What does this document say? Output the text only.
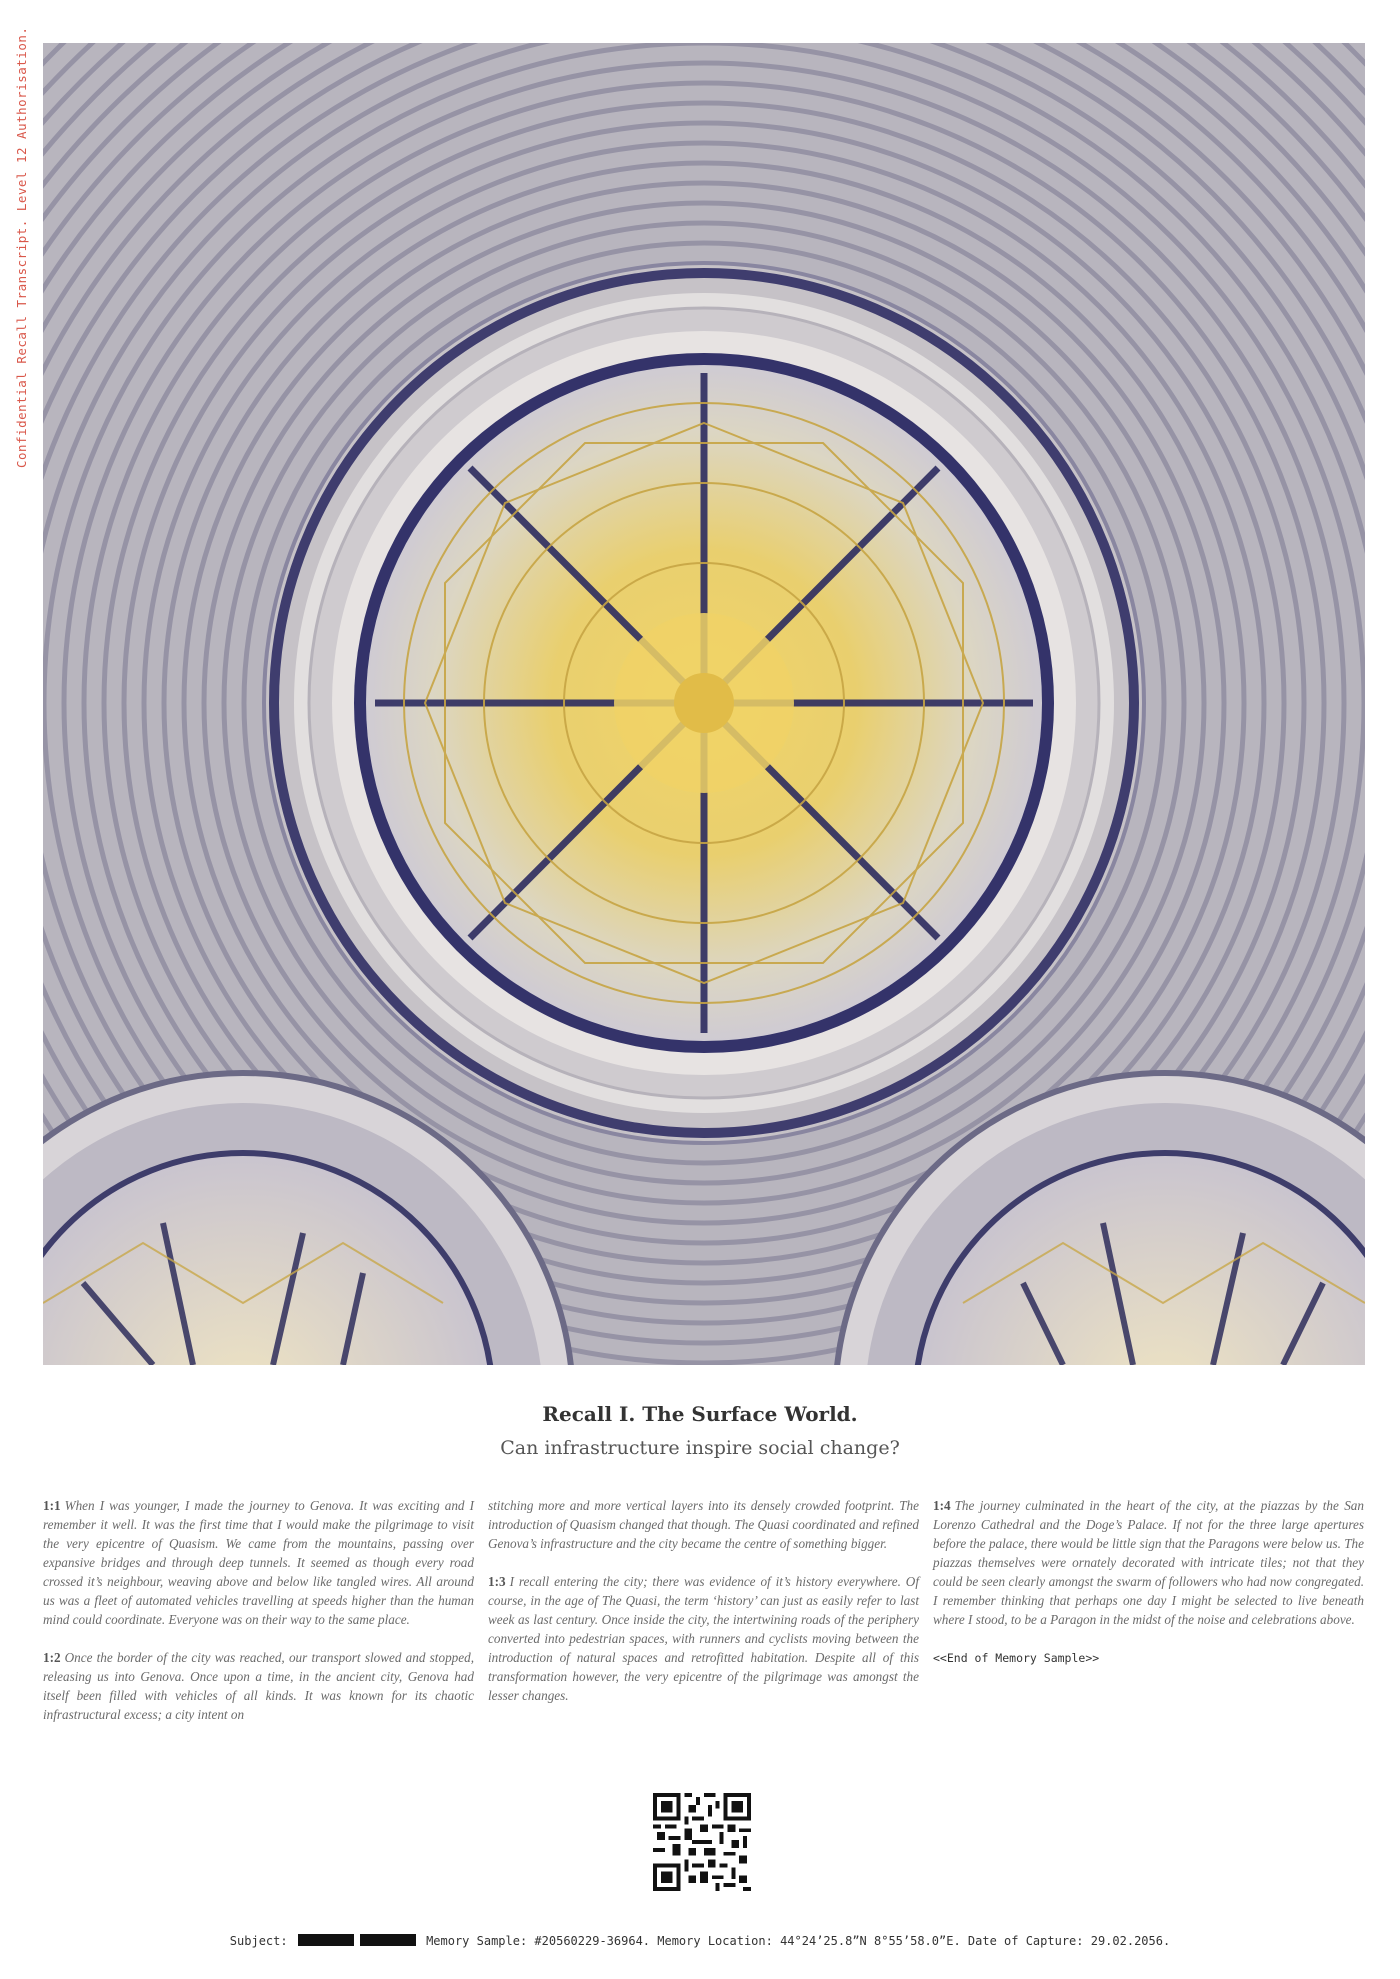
Confidential Recall Transcript. Level 12 Authorisation.
Recall I. The Surface World.
Can infrastructure inspire social change?

1:1 When I was younger, I made the journey to Genova. It was exciting and I remember it well. It was the first time that I would make the pilgrimage to visit the very epicentre of Quasism. We came from the mountains, passing over expansive bridges and through deep tunnels. It seemed as though every road crossed it’s neighbour, weaving above and below like tangled wires. All around us was a fleet of automated vehicles travelling at speeds higher than the human mind could coordinate. Everyone was on their way to the same place.

1:2 Once the border of the city was reached, our transport slowed and stopped, releasing us into Genova. Once upon a time, in the ancient city, Genova had itself been filled with vehicles of all kinds. It was known for its chaotic infrastructural excess; a city intent on

stitching more and more vertical layers into its densely crowded footprint. The introduction of Quasism changed that though. The Quasi coordinated and refined Genova’s infrastructure and the city became the centre of something bigger.

1:3 I recall entering the city; there was evidence of it’s history everywhere. Of course, in the age of The Quasi, the term ‘history’ can just as easily refer to last week as last century. Once inside the city, the intertwining roads of the periphery converted into pedestrian spaces, with runners and cyclists moving between the introduction of natural spaces and retrofitted habitation. Despite all of this transformation however, the very epicentre of the pilgrimage was amongst the lesser changes.

1:4 The journey culminated in the heart of the city, at the piazzas by the San Lorenzo Cathedral and the Doge’s Palace. If not for the three large apertures before the palace, there would be little sign that the Paragons were below us. The piazzas themselves were ornately decorated with intricate tiles; not that they could be seen clearly amongst the swarm of followers who had now congregated. I remember thinking that perhaps one day I might be selected to live beneath where I stood, to be a Paragon in the midst of the noise and celebrations above.

<<End of Memory Sample>>

Subject:	Memory Sample: #20560229-36964. Memory Location: 44°24’25.8”N 8°55’58.0”E. Date of Capture: 29.02.2056.
